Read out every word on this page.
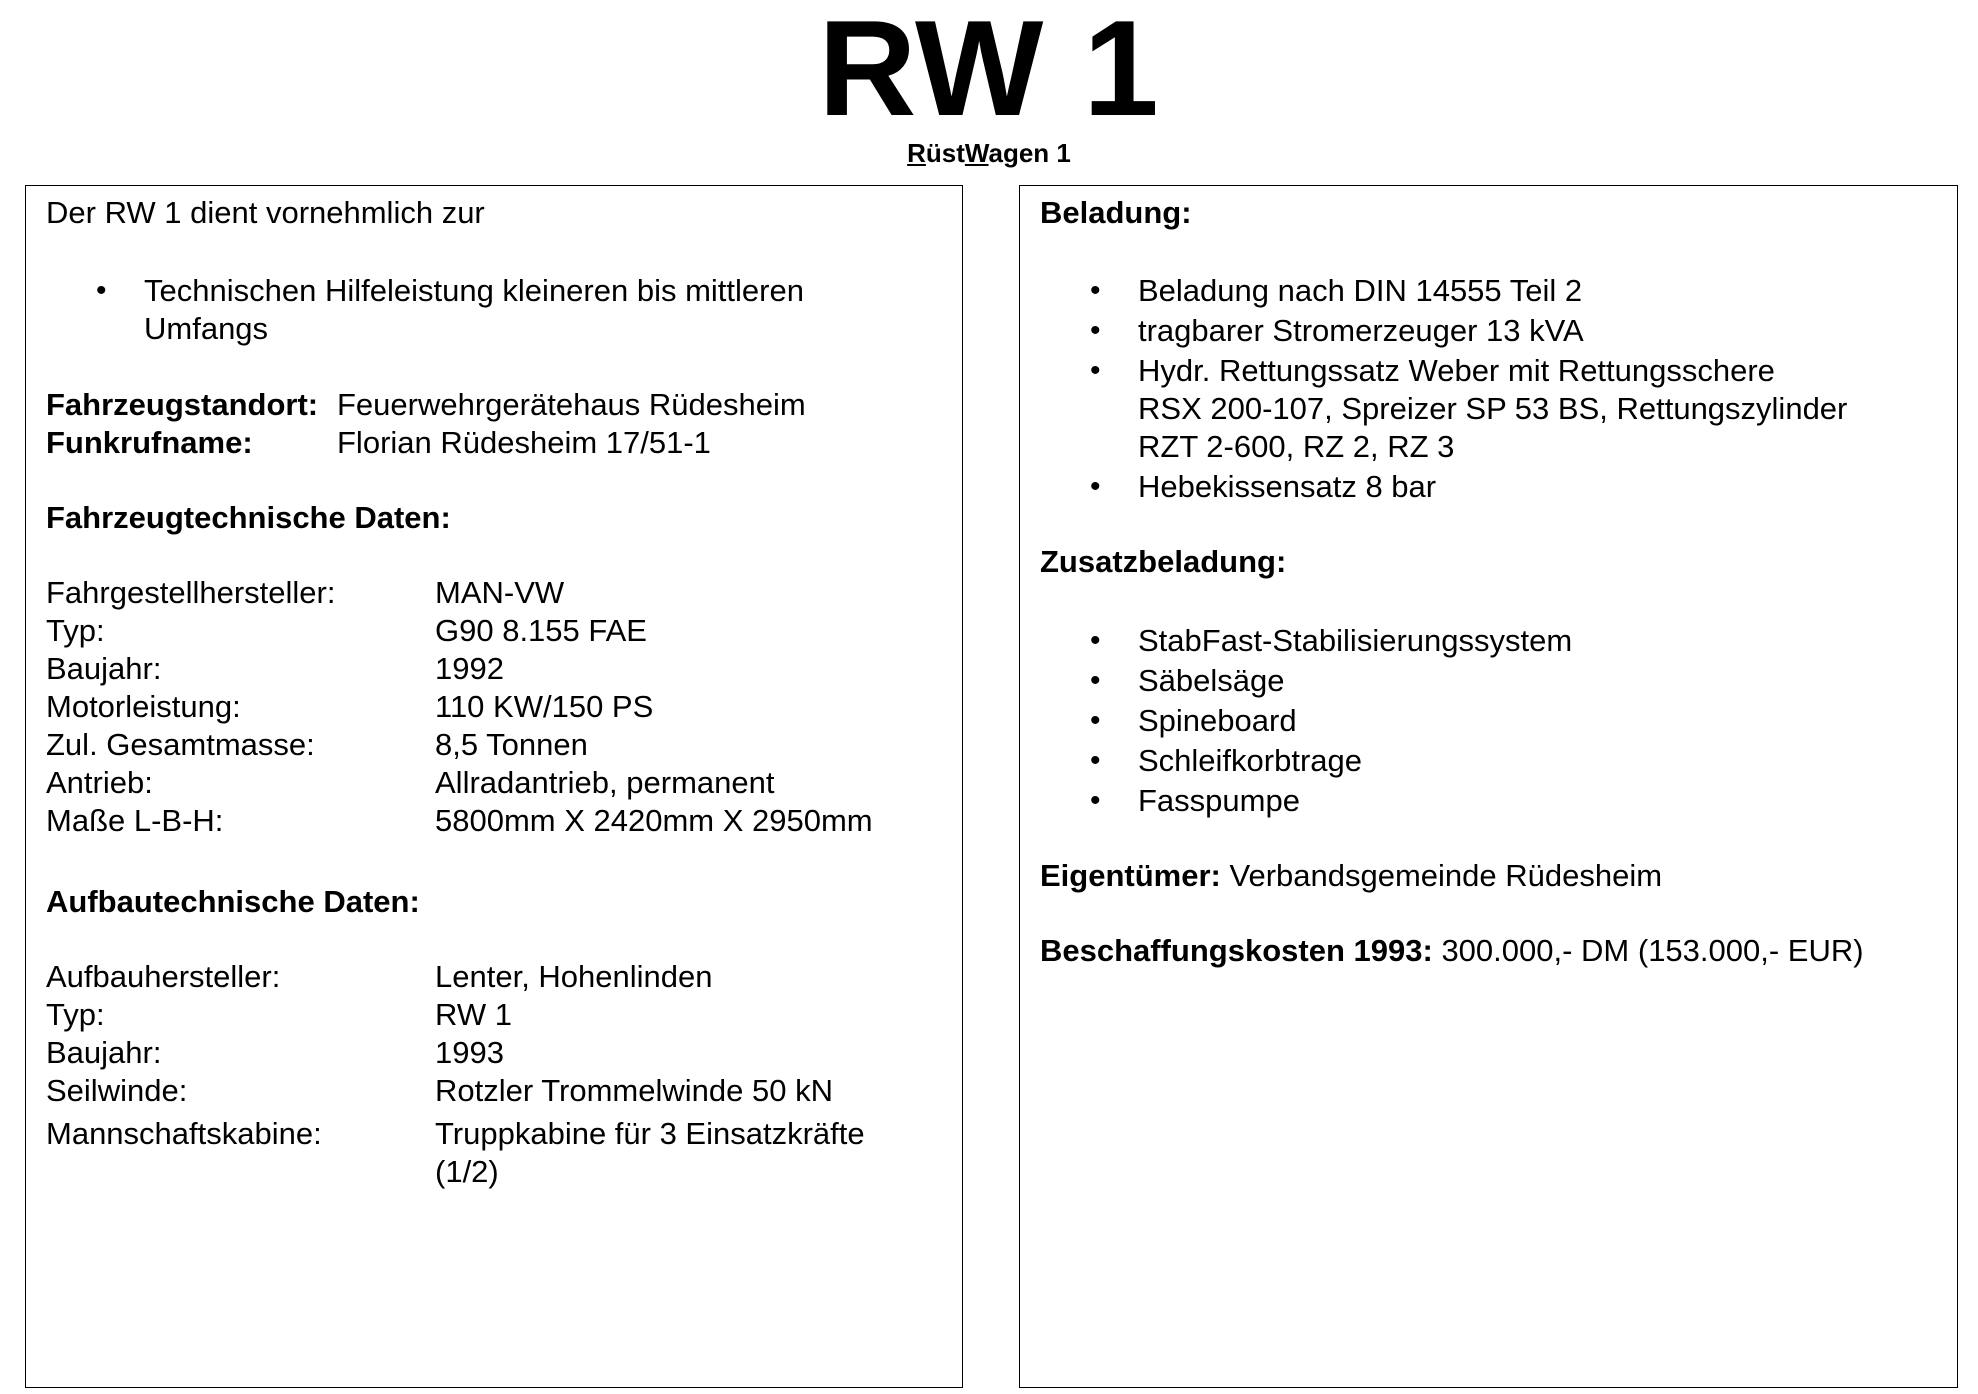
RW 1
RüstWagen 1
Der RW 1 dient vornehmlich zur
• Technischen Hilfeleistung kleineren bis mittleren
Umfangs
Fahrzeugstandort: Feuerwehrgerätehaus Rüdesheim
Funkrufname:	Florian Rüdesheim 17/51-1
Fahrzeugtechnische Daten:
Fahrgestellhersteller:	MAN-VW
Typ:	G90 8.155 FAE
Baujahr:	1992
Motorleistung:	110 KW/150 PS
Zul. Gesamtmasse:	8,5 Tonnen
Antrieb:	Allradantrieb, permanent
Maße L-B-H:	5800mm X 2420mm X 2950mm
Aufbautechnische Daten:
Aufbauhersteller:	Lenter, Hohenlinden
Typ:	RW 1
Baujahr:	1993
Seilwinde:	Rotzler Trommelwinde 50 kN
Mannschaftskabine:	Truppkabine für 3 Einsatzkräfte
(1/2)
Beladung:
• Beladung nach DIN 14555 Teil 2
• tragbarer Stromerzeuger 13 kVA
• Hydr. Rettungssatz Weber mit Rettungsschere
RSX 200-107, Spreizer SP 53 BS, Rettungszylinder
RZT 2-600, RZ 2, RZ 3
• Hebekissensatz 8 bar
Zusatzbeladung:
• StabFast-Stabilisierungssystem
• Säbelsäge
• Spineboard
• Schleifkorbtrage
• Fasspumpe
Eigentümer: Verbandsgemeinde Rüdesheim
Beschaffungskosten 1993: 300.000,- DM (153.000,- EUR)
